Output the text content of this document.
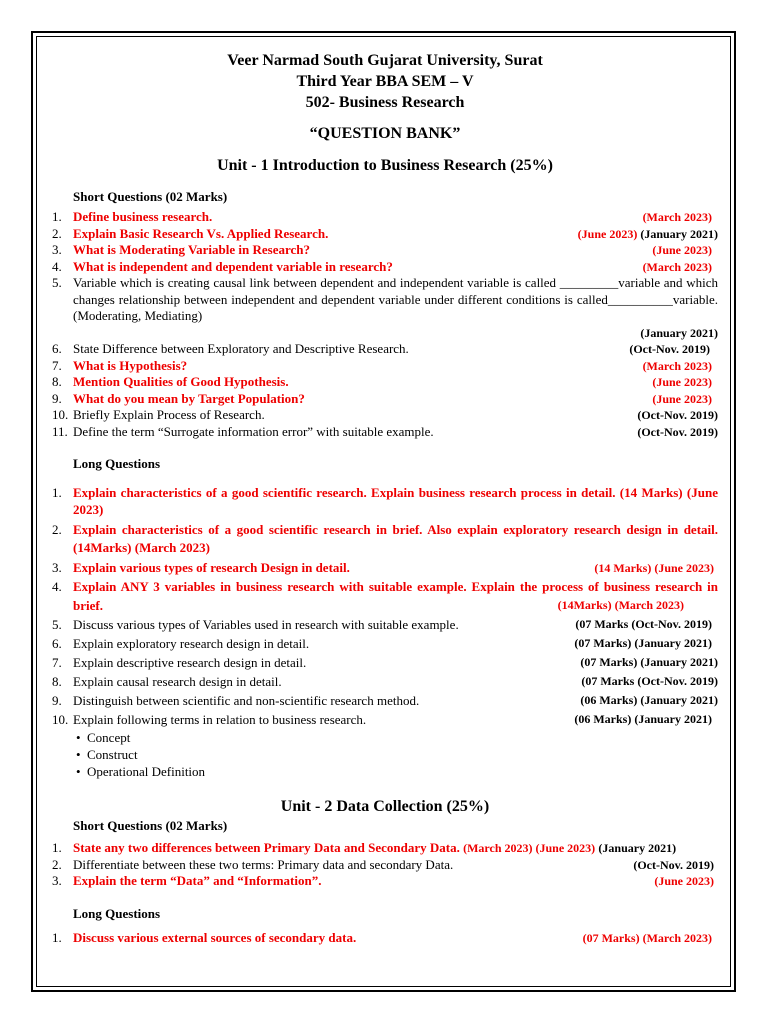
Veer Narmad South Gujarat University, Surat
Third Year BBA SEM – V
502- Business Research
“QUESTION BANK”
Unit - 1 Introduction to Business Research (25%)
Short Questions (02 Marks)
1. Define business research.	(March 2023)
2. Explain Basic Research Vs. Applied Research.	(June 2023) (January 2021)
3. What is Moderating Variable in Research?	(June 2023)
4. What is independent and dependent variable in research?	(March 2023)
5. Variable which is creating causal link between dependent and independent variable is called _________variable and which changes relationship between independent and dependent variable under different conditions is called__________variable. (Moderating, Mediating)

(January 2021)
6. State Difference between Exploratory and Descriptive Research.	(Oct-Nov. 2019)
7. What is Hypothesis?	(March 2023)
8. Mention Qualities of Good Hypothesis.	(June 2023)
9. What do you mean by Target Population?	(June 2023)
10. Briefly Explain Process of Research.	(Oct-Nov. 2019)
11. Define the term “Surrogate information error” with suitable example.	(Oct-Nov. 2019)
Long Questions
1. Explain characteristics of a good scientific research. Explain business research process in detail. (14 Marks) (June 2023)
2. Explain characteristics of a good scientific research in brief. Also explain exploratory research design in detail. (14Marks) (March 2023)
3. Explain various types of research Design in detail.	(14 Marks) (June 2023)
4. Explain ANY 3 variables in business research with suitable example. Explain the process of business research in brief.	(14Marks) (March 2023)
5. Discuss various types of Variables used in research with suitable example.	(07 Marks (Oct-Nov. 2019)
6. Explain exploratory research design in detail.	(07 Marks) (January 2021)
7. Explain descriptive research design in detail.	(07 Marks) (January 2021)
8. Explain causal research design in detail.	(07 Marks (Oct-Nov. 2019)
9. Distinguish between scientific and non-scientific research method.	(06 Marks) (January 2021)
10. Explain following terms in relation to business research.	(06 Marks) (January 2021)
• Concept
• Construct
• Operational Definition
Unit - 2 Data Collection (25%)
Short Questions (02 Marks)
1. State any two differences between Primary Data and Secondary Data. (March 2023) (June 2023) (January 2021)
2. Differentiate between these two terms: Primary data and secondary Data.	(Oct-Nov. 2019)
3. Explain the term “Data” and “Information”.	(June 2023)
Long Questions
1. Discuss various external sources of secondary data.	(07 Marks) (March 2023)
